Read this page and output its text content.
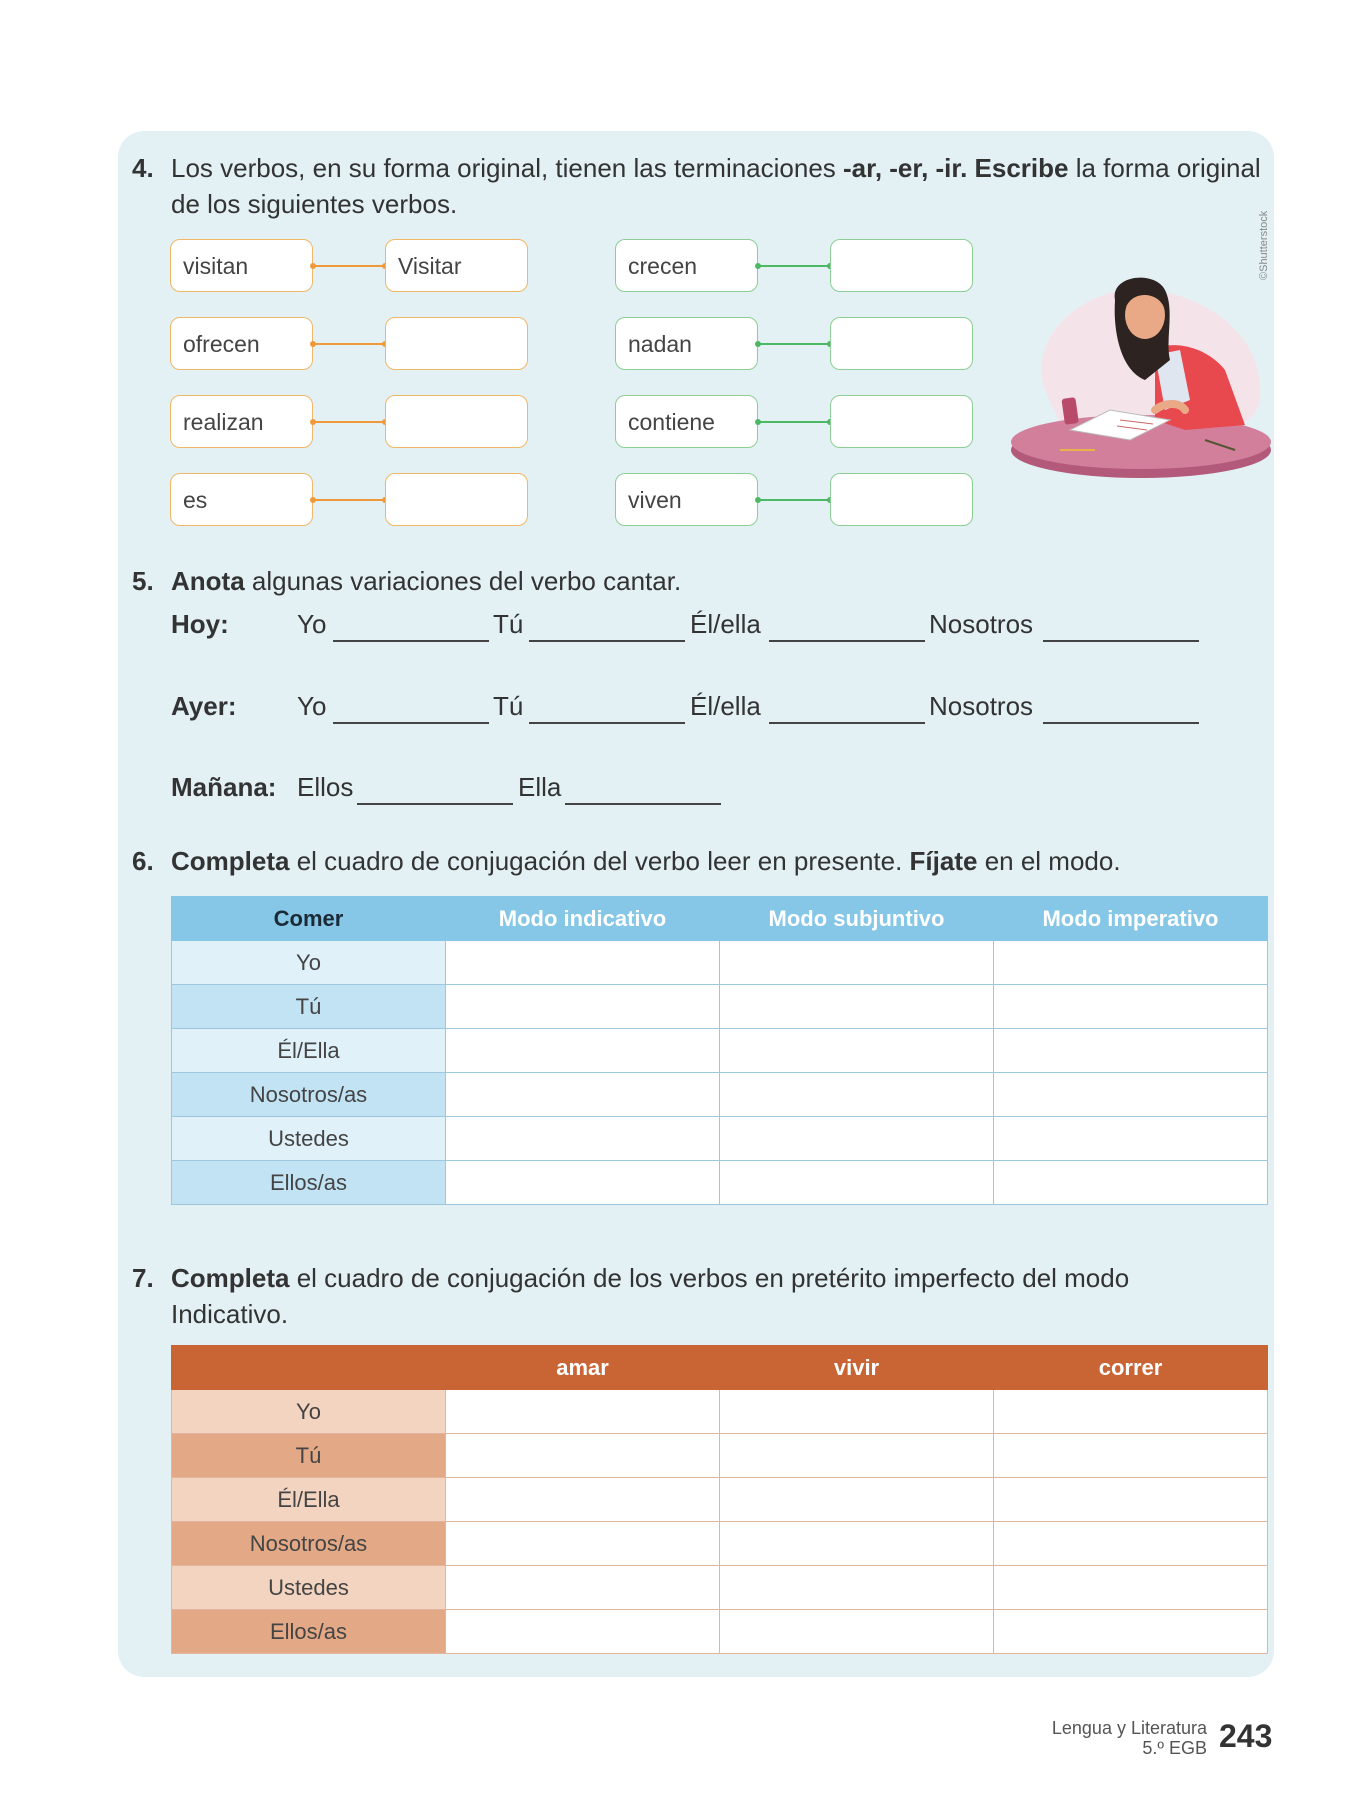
4. Los verbos, en su forma original, tienen las terminaciones -ar, -er, -ir. Escribe la forma original de los siguientes verbos.
visitan	Visitar
ofrecen
realizan
es
crecen
nadan
contiene
viven
©Shutterstock
5. Anota algunas variaciones del verbo cantar.
Hoy:	Yo	Tú	Él/ella	Nosotros
Ayer: Yo	Tú	Él/ella	Nosotros
Mañana: Ellos	Ella
6. Completa el cuadro de conjugación del verbo leer en presente. Fíjate en el modo.
Comer	Modo indicativo	Modo subjuntivo	Modo imperativo
Yo			
Tú			
Él/Ella			
Nosotros/as			
Ustedes			
Ellos/as			
7. Completa el cuadro de conjugación de los verbos en pretérito imperfecto del modo Indicativo.
	amar	vivir	correr
Yo			
Tú			
Él/Ella			
Nosotros/as			
Ustedes			
Ellos/as			
Lengua y Literatura
5.º EGB 243
